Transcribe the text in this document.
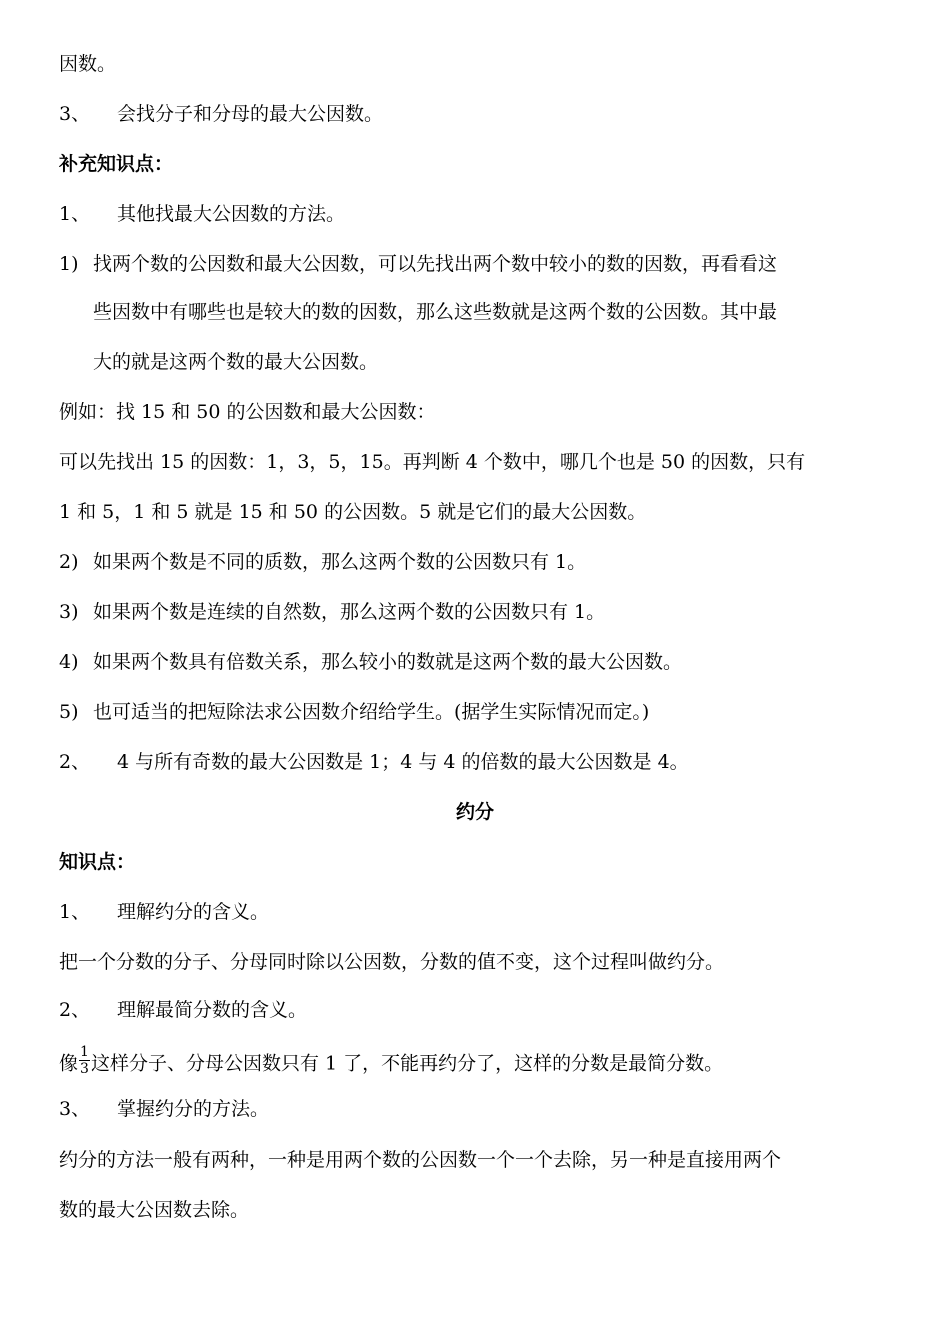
因数。
3、 会找分子和分母的最大公因数。
补充知识点：
1、 其他找最大公因数的方法。
1) 找两个数的公因数和最大公因数，可以先找出两个数中较小的数的因数，再看看这
些因数中有哪些也是较大的数的因数，那么这些数就是这两个数的公因数。其中最
大的就是这两个数的最大公因数。
例如：找 15 和 50 的公因数和最大公因数：
可以先找出 15 的因数：1，3，5，15。再判断 4 个数中，哪几个也是 50 的因数，只有
1 和 5，1 和 5 就是 15 和 50 的公因数。5 就是它们的最大公因数。
2) 如果两个数是不同的质数，那么这两个数的公因数只有 1。
3) 如果两个数是连续的自然数，那么这两个数的公因数只有 1。
4) 如果两个数具有倍数关系，那么较小的数就是这两个数的最大公因数。
5) 也可适当的把短除法求公因数介绍给学生。(据学生实际情况而定。)
2、 4 与所有奇数的最大公因数是 1；4 与 4 的倍数的最大公因数是 4。
约分
知识点：
1、 理解约分的含义。
把一个分数的分子、分母同时除以公因数，分数的值不变，这个过程叫做约分。
2、 理解最简分数的含义。
像 $\frac{1}{3}$ 这样分子、分母公因数只有 1 了，不能再约分了，这样的分数是最简分数。
3、 掌握约分的方法。
约分的方法一般有两种，一种是用两个数的公因数一个一个去除，另一种是直接用两个
数的最大公因数去除。
